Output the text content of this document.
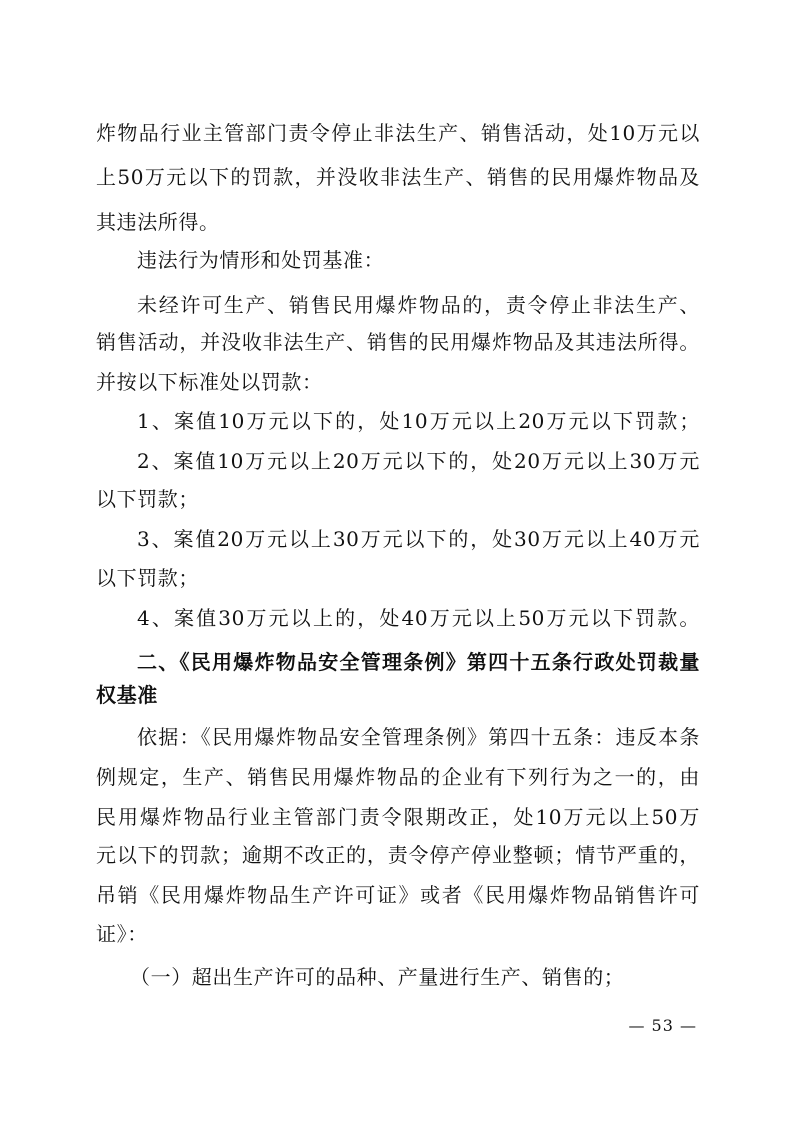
炸物品行业主管部门责令停止非法生产、销售活动，处10万元以
上50万元以下的罚款，并没收非法生产、销售的民用爆炸物品及
其违法所得。
违法行为情形和处罚基准：
未经许可生产、销售民用爆炸物品的，责令停止非法生产、
销售活动，并没收非法生产、销售的民用爆炸物品及其违法所得。
并按以下标准处以罚款：
1、案值10万元以下的，处10万元以上20万元以下罚款；
2、案值10万元以上20万元以下的，处20万元以上30万元
以下罚款；
3、案值20万元以上30万元以下的，处30万元以上40万元
以下罚款；
4、案值30万元以上的，处40万元以上50万元以下罚款。
二、《民用爆炸物品安全管理条例》第四十五条行政处罚裁量
权基准
依据：《民用爆炸物品安全管理条例》第四十五条：违反本条
例规定，生产、销售民用爆炸物品的企业有下列行为之一的，由
民用爆炸物品行业主管部门责令限期改正，处10万元以上50万
元以下的罚款；逾期不改正的，责令停产停业整顿；情节严重的，
吊销《民用爆炸物品生产许可证》或者《民用爆炸物品销售许可
证》：
（一）超出生产许可的品种、产量进行生产、销售的；
— 53 —
